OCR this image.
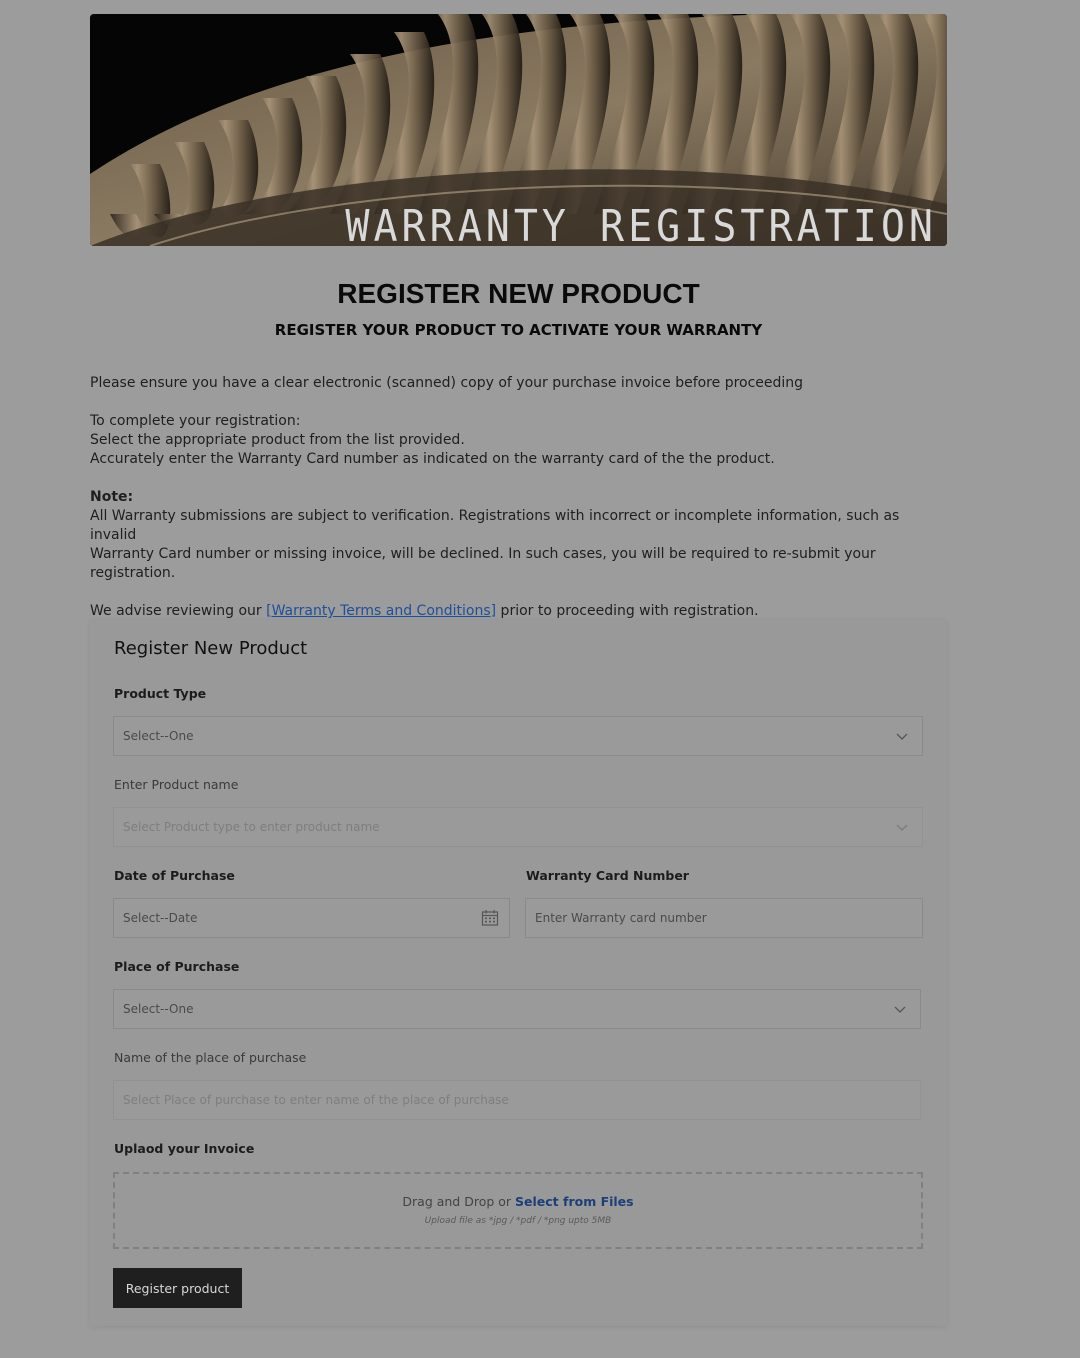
WARRANTY REGISTRATION
REGISTER NEW PRODUCT
REGISTER YOUR PRODUCT TO ACTIVATE YOUR WARRANTY

Please ensure you have a clear electronic (scanned) copy of your purchase invoice before proceeding

To complete your registration:

Select the appropriate product from the list provided.

Accurately enter the Warranty Card number as indicated on the warranty card of the the product.

Note:

All Warranty submissions are subject to verification. Registrations with incorrect or incomplete information, such as invalid

Warranty Card number or missing invoice, will be declined. In such cases, you will be required to re-submit your registration.

We advise reviewing our [Warranty Terms and Conditions] prior to proceeding with registration.

Register New Product
Product Type
Select--One
Enter Product name
Select Product type to enter product name
Date of Purchase
Select--Date
Warranty Card Number
Enter Warranty card number
Place of Purchase
Select--One
Name of the place of purchase
Select Place of purchase to enter name of the place of purchase
Uplaod your Invoice
Drag and Drop or Select from Files
Upload file as *jpg / *pdf / *png upto 5MB
Register product
